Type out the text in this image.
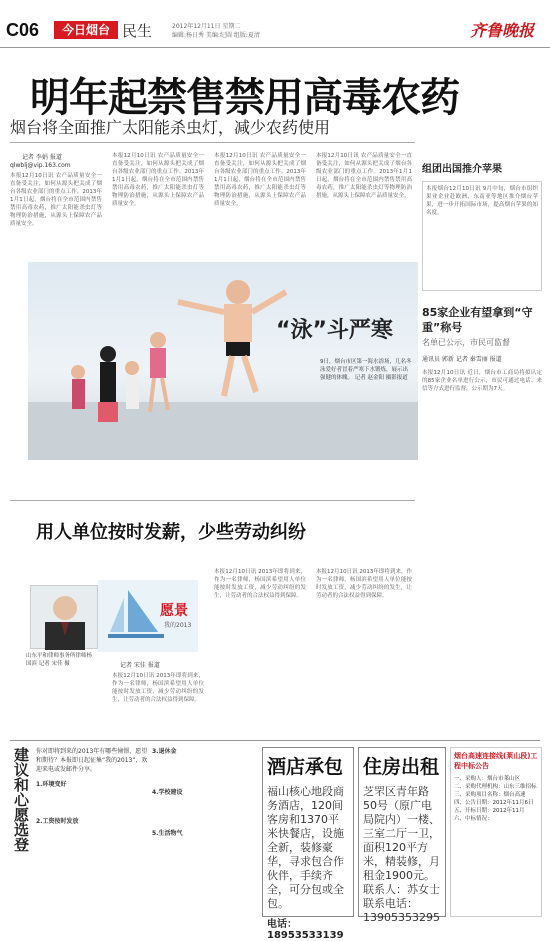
C06	今日烟台 民生	2012年12月11日 星期二
编辑:杨日秀 美编:纪圆 组版:夏清	齐鲁晚报
明年起禁售禁用高毒农药
烟台将全面推广太阳能杀虫灯，减少农药使用
记者 李娟 报道
qlwblj@vip.163.com
本报12月10日讯 农产品质量安全一直备受关注，如何从源头把关成了烟台各级农业部门的重点工作。2013年1月1日起，烟台将在全市范围内禁售禁用高毒农药，推广太阳能杀虫灯等物理防治措施，从源头上保障农产品质量安全。
本报12月10日讯 农产品质量安全一直备受关注，如何从源头把关成了烟台各级农业部门的重点工作。2013年1月1日起，烟台将在全市范围内禁售禁用高毒农药，推广太阳能杀虫灯等物理防治措施，从源头上保障农产品质量安全。
本报12月10日讯 农产品质量安全一直备受关注，如何从源头把关成了烟台各级农业部门的重点工作。2013年1月1日起，烟台将在全市范围内禁售禁用高毒农药，推广太阳能杀虫灯等物理防治措施，从源头上保障农产品质量安全。
本报12月10日讯 农产品质量安全一直备受关注，如何从源头把关成了烟台各级农业部门的重点工作。2013年1月1日起，烟台将在全市范围内禁售禁用高毒农药，推广太阳能杀虫灯等物理防治措施，从源头上保障农产品质量安全。
“泳”斗严寒
9日，烟台市区第一海水浴场，几名冬泳爱好者冒着严寒下水锻炼，展示出强健的体魄。 记者 赵金阳 摄影报道
组团出国推介苹果
本报烟台12月10日讯 9月中旬，烟台市组织果业企业赴欧洲、东南亚等地区推介烟台苹果，进一步开拓国际市场，提高烟台苹果的知名度。
85家企业有望拿到“守重”称号
名单已公示，市民可监督
通讯员 郭新 记者 秦雪丽 报道
本报12月10日讯 近日，烟台市工商局将拟认定的85家企业名单进行公示，市民可通过电话、来信等方式进行监督，公示期为7天。
用人单位按时发薪，少些劳动纠纷
愿景
我的2013
山东平和律师事务所律师杨国滨 记者 宋佳 摄	记者 宋佳 报道
本报12月10日讯 2013年即将到来，作为一名律师，杨国滨希望用人单位能按时发放工资，减少劳动纠纷的发生，让劳动者的合法权益得到保障。
本报12月10日讯 2013年即将到来，作为一名律师，杨国滨希望用人单位能按时发放工资，减少劳动纠纷的发生，让劳动者的合法权益得到保障。
本报12月10日讯 2013年即将到来，作为一名律师，杨国滨希望用人单位能按时发放工资，减少劳动纠纷的发生，让劳动者的合法权益得到保障。
建议和心愿选登 你对即将到来的2013年有哪些憧憬，愿望和期待？本报即日起征集“我的2013”，欢迎来电或发邮件分享。
1.环境变好
2.工资按时发放
3.退休金
4.学校建设
5.生活物气
酒店承包
福山核心地段商务酒店，120间客房和1370平米快餐店，设施全新，装修豪华，寻求包合作伙伴，手续齐全，可分包或全包。
电话：18953533139
住房出租
芝罘区青年路50号（原广电局院内）一楼、三室二厅一卫，面积120平方米，精装修，月租金1900元。联系人：苏女士 联系电话：13905353295
烟台高速连接线(莱山段)工程中标公告
一、采购人：烟台市莱山区
二、采购代理机构：山东三维招标
三、采购项目名称：烟台高速
四、公告日期：2012年11月6日
五、开标日期：2012年11月
六、中标情况：
